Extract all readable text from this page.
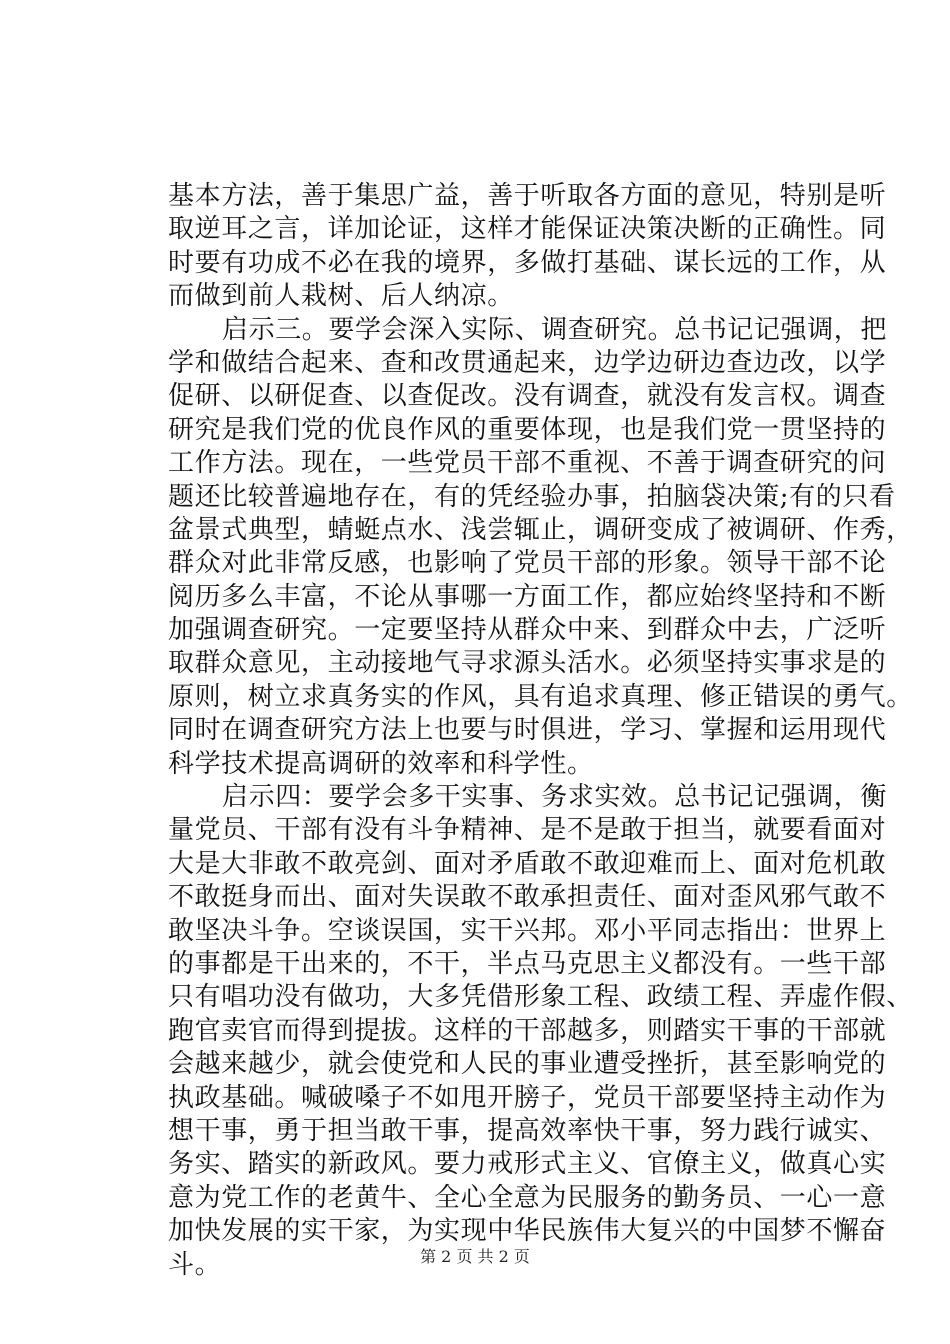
基本方法，善于集思广益，善于听取各方面的意见，特别是听
取逆耳之言，详加论证，这样才能保证决策决断的正确性。同
时要有功成不必在我的境界，多做打基础、谋长远的工作，从
而做到前人栽树、后人纳凉。
启示三。要学会深入实际、调查研究。总书记记强调，把
学和做结合起来、查和改贯通起来，边学边研边查边改，以学
促研、以研促查、以查促改。没有调查，就没有发言权。调查
研究是我们党的优良作风的重要体现，也是我们党一贯坚持的
工作方法。现在，一些党员干部不重视、不善于调查研究的问
题还比较普遍地存在，有的凭经验办事，拍脑袋决策;有的只看
盆景式典型，蜻蜓点水、浅尝辄止，调研变成了被调研、作秀，
群众对此非常反感，也影响了党员干部的形象。领导干部不论
阅历多么丰富，不论从事哪一方面工作，都应始终坚持和不断
加强调查研究。一定要坚持从群众中来、到群众中去，广泛听
取群众意见，主动接地气寻求源头活水。必须坚持实事求是的
原则，树立求真务实的作风，具有追求真理、修正错误的勇气。
同时在调查研究方法上也要与时俱进，学习、掌握和运用现代
科学技术提高调研的效率和科学性。
启示四：要学会多干实事、务求实效。总书记记强调，衡
量党员、干部有没有斗争精神、是不是敢于担当，就要看面对
大是大非敢不敢亮剑、面对矛盾敢不敢迎难而上、面对危机敢
不敢挺身而出、面对失误敢不敢承担责任、面对歪风邪气敢不
敢坚决斗争。空谈误国，实干兴邦。邓小平同志指出：世界上
的事都是干出来的，不干，半点马克思主义都没有。一些干部
只有唱功没有做功，大多凭借形象工程、政绩工程、弄虚作假、
跑官卖官而得到提拔。这样的干部越多，则踏实干事的干部就
会越来越少，就会使党和人民的事业遭受挫折，甚至影响党的
执政基础。喊破嗓子不如甩开膀子，党员干部要坚持主动作为
想干事，勇于担当敢干事，提高效率快干事，努力践行诚实、
务实、踏实的新政风。要力戒形式主义、官僚主义，做真心实
意为党工作的老黄牛、全心全意为民服务的勤务员、一心一意
加快发展的实干家，为实现中华民族伟大复兴的中国梦不懈奋
斗。	第 2 页 共 2 页
